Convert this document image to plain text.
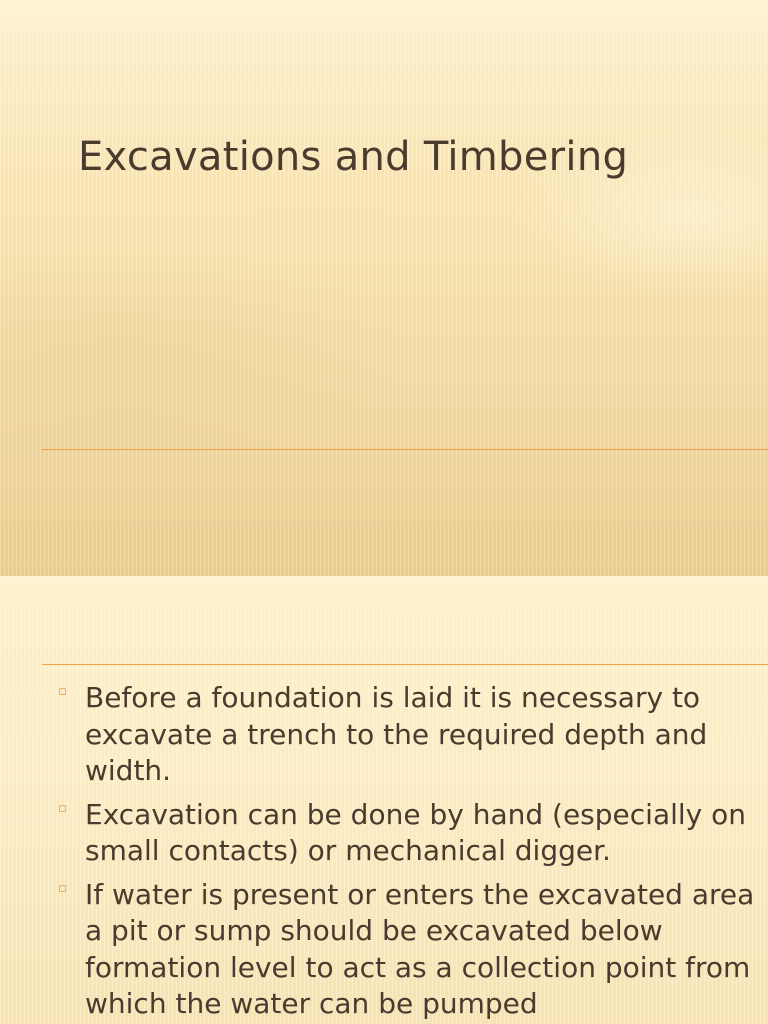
Excavations and Timbering
▫ Before a foundation is laid it is necessary to excavate a trench to the required depth and width.
▫ Excavation can be done by hand (especially on small contacts) or mechanical digger.
▫ If water is present or enters the excavated area a pit or sump should be excavated below formation level to act as a collection point from which the water can be pumped
